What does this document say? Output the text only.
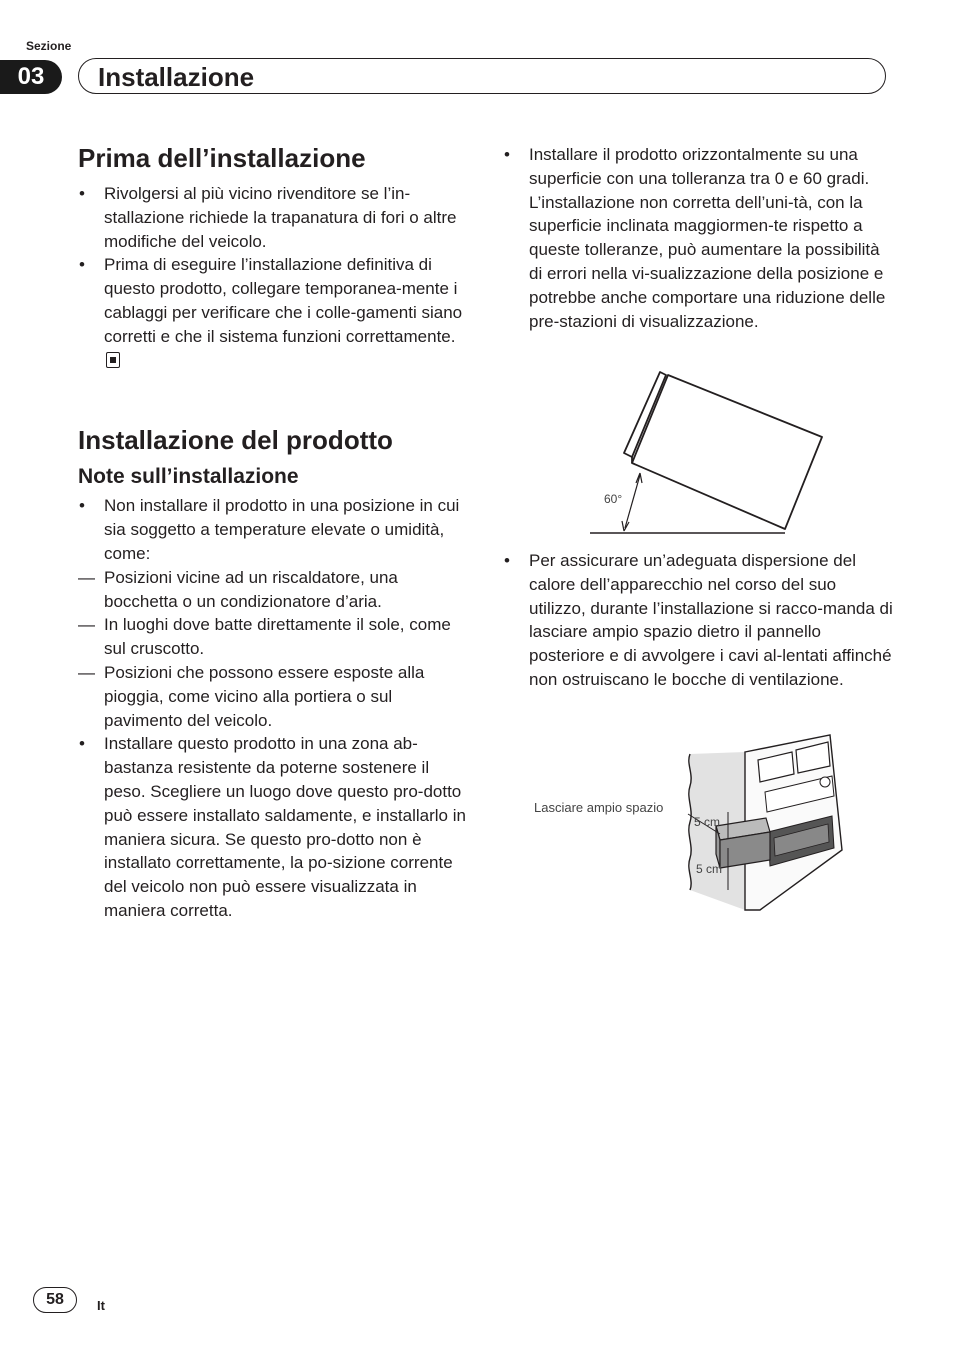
Sezione
03	Installazione
Prima dell’installazione
• Rivolgersi al più vicino rivenditore se l’in-stallazione richiede la trapanatura di fori o altre modifiche del veicolo.
• Prima di eseguire l’installazione definitiva di questo prodotto, collegare temporanea-mente i cablaggi per verificare che i colle-gamenti siano corretti e che il sistema funzioni correttamente.
Installazione del prodotto
Note sull’installazione
• Non installare il prodotto in una posizione in cui sia soggetto a temperature elevate o umidità, come:
— Posizioni vicine ad un riscaldatore, una bocchetta o un condizionatore d’aria.
— In luoghi dove batte direttamente il sole, come sul cruscotto.
— Posizioni che possono essere esposte alla pioggia, come vicino alla portiera o sul pavimento del veicolo.
• Installare questo prodotto in una zona ab-bastanza resistente da poterne sostenere il peso. Scegliere un luogo dove questo pro-dotto può essere installato saldamente, e installarlo in maniera sicura. Se questo pro-dotto non è installato correttamente, la po-sizione corrente del veicolo non può essere visualizzata in maniera corretta.
• Installare il prodotto orizzontalmente su una superficie con una tolleranza tra 0 e 60 gradi. L’installazione non corretta dell’uni-tà, con la superficie inclinata maggiormen-te rispetto a queste tolleranze, può aumentare la possibilità di errori nella vi-sualizzazione della posizione e potrebbe anche comportare una riduzione delle pre-stazioni di visualizzazione.
60°
• Per assicurare un’adeguata dispersione del calore dell’apparecchio nel corso del suo utilizzo, durante l’installazione si racco-manda di lasciare ampio spazio dietro il pannello posteriore e di avvolgere i cavi al-lentati affinché non ostruiscano le bocche di ventilazione.
Lasciare ampio spazio
5 cm
5 cm
58	It
